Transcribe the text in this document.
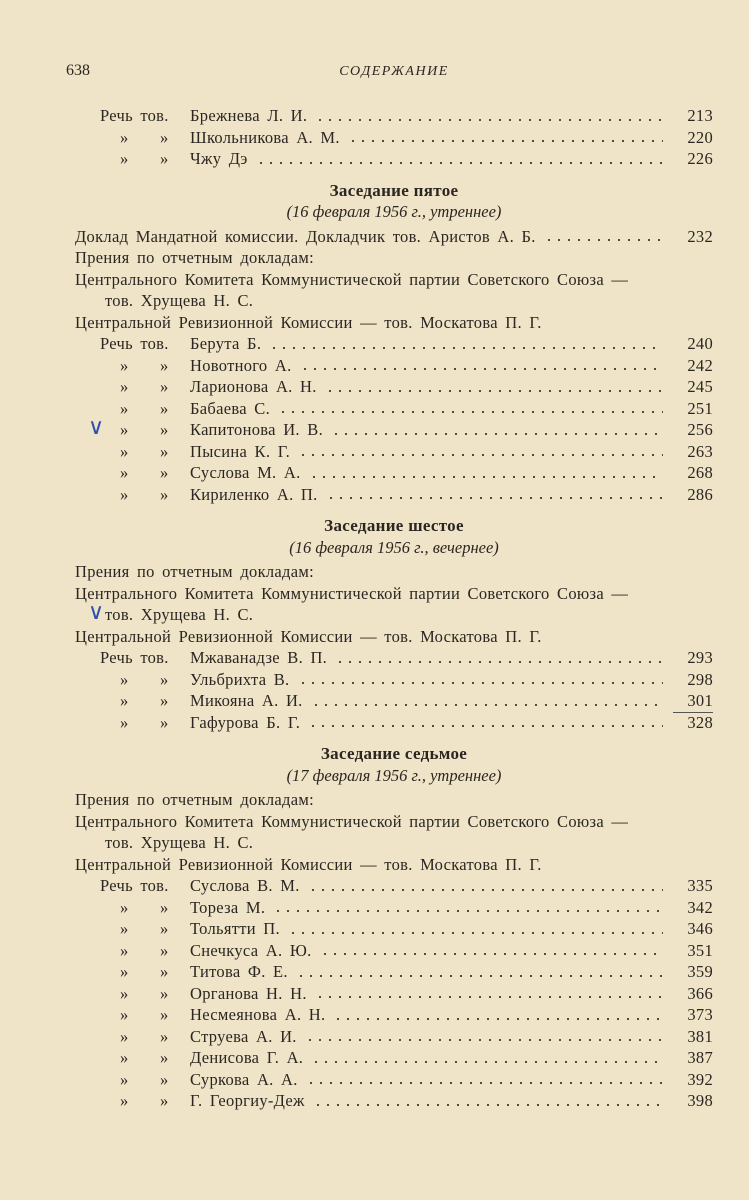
638	СОДЕРЖАНИЕ
Речь тов.	Брежнева Л. И.	213
» »	Школьникова А. М.	220
» »	Чжу Дэ	226
Заседание пятое
(16 февраля 1956 г., утреннее)
Доклад Мандатной комиссии. Докладчик тов. Аристов А. Б.	232
Прения по отчетным докладам:
Центрального Комитета Коммунистической партии Советского Союза —
тов. Хрущева Н. С.
Центральной Ревизионной Комиссии — тов. Москатова П. Г.
Речь тов.	Берута Б.	240
» »	Новотного А.	242
» »	Ларионова А. Н.	245
» »	Бабаева С.	251
» »	Капитонова И. В.	256
» »	Пысина К. Г.	263
» »	Суслова М. А.	268
» »	Кириленко А. П.	286
Заседание шестое
(16 февраля 1956 г., вечернее)
Прения по отчетным докладам:
Центрального Комитета Коммунистической партии Советского Союза —
тов. Хрущева Н. С.
Центральной Ревизионной Комиссии — тов. Москатова П. Г.
Речь тов.	Мжаванадзе В. П.	293
» »	Ульбрихта В.	298
» »	Микояна А. И.	301
» »	Гафурова Б. Г.	328
Заседание седьмое
(17 февраля 1956 г., утреннее)
Прения по отчетным докладам:
Центрального Комитета Коммунистической партии Советского Союза —
тов. Хрущева Н. С.
Центральной Ревизионной Комиссии — тов. Москатова П. Г.
Речь тов.	Суслова В. М.	335
» »	Тореза М.	342
» »	Тольятти П.	346
» »	Снечкуса А. Ю.	351
» »	Титова Ф. Е.	359
» »	Органова Н. Н.	366
» »	Несмеянова А. Н.	373
» »	Струева А. И.	381
» »	Денисова Г. А.	387
» »	Суркова А. А.	392
» »	Г. Георгиу-Деж	398
∨
∨
